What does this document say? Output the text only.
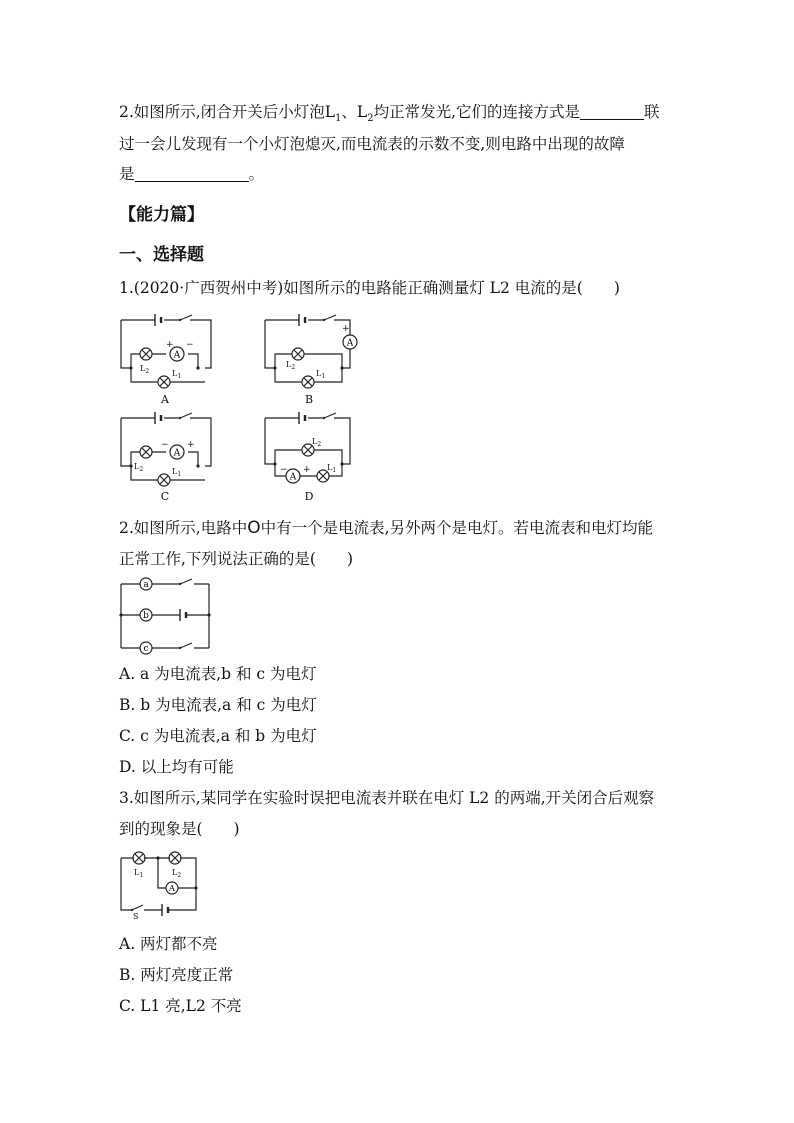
2.如图所示,闭合开关后小灯泡$L_1$、$L_2$均正常发光,它们的连接方式是	联
过一会儿发现有一个小灯泡熄灭,而电流表的示数不变,则电路中出现的故障
是	。
【能力篇】
一、选择题
1.(2020·广西贺州中考)如图所示的电路能正确测量灯 L2 电流的是(　　)
A
+ −
$L_2$	$L_1$
A
A
+
$L_2$
$L_1$
B
A
− +
$L_2$	$L_1$
C
A
− +
$L_2$
$L_1$
D
2.如图所示,电路中O中有一个是电流表,另外两个是电灯。若电流表和电灯均能
正常工作,下列说法正确的是(　　)
a
b
c
A. a 为电流表,b 和 c 为电灯
B. b 为电流表,a 和 c 为电灯
C. c 为电流表,a 和 b 为电灯
D. 以上均有可能
3.如图所示,某同学在实验时误把电流表并联在电灯 L2 的两端,开关闭合后观察
到的现象是(　　)
A
$L_1$	$L_2$
S
A. 两灯都不亮
B. 两灯亮度正常
C. L1 亮,L2 不亮
